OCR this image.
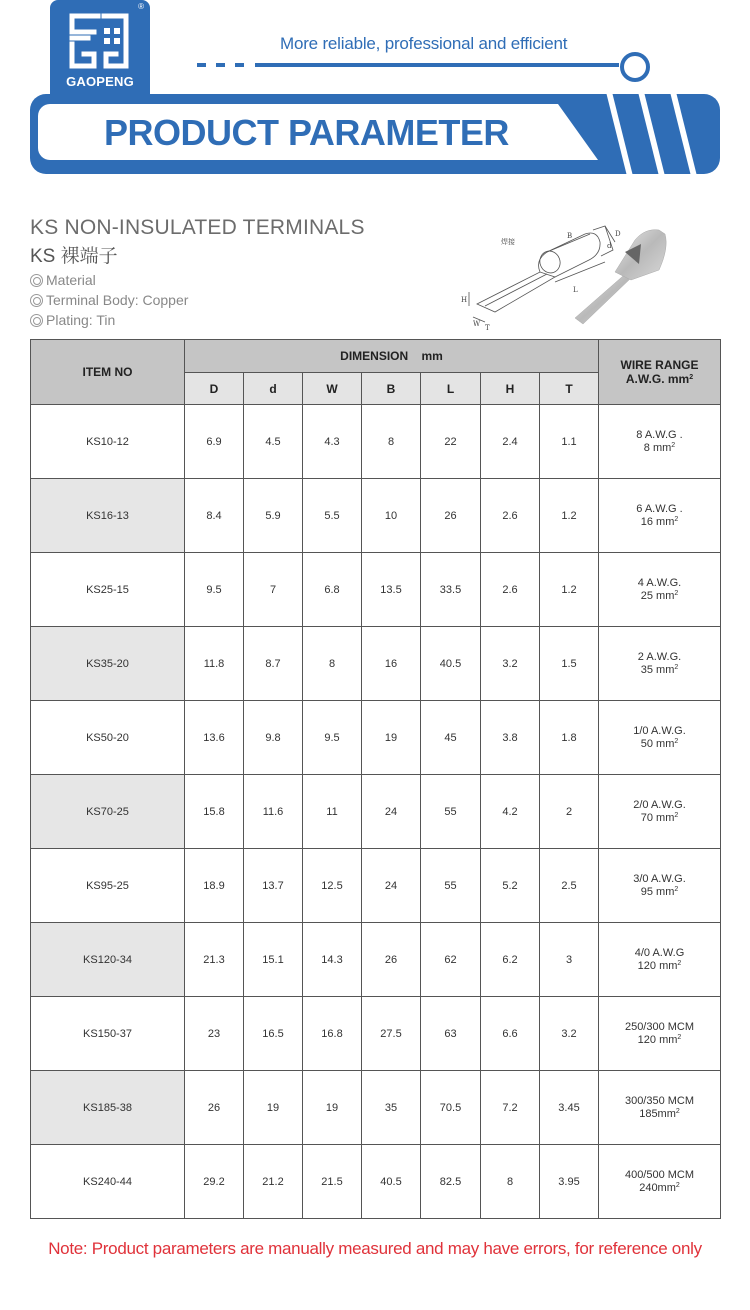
®
GAOPENG
More reliable, professional and efficient
PRODUCT PARAMETER
KS NON-INSULATED TERMINALS
KS 裸端子
Material
Terminal Body: Copper
Plating: Tin
焊接
B
d
D
L
H
W T
ITEM NO	DIMENSION    mm							WIRE RANGE
A.W.G. $mm^2$
	D	d	W	B	L	H	T	
KS10-12	6.9	4.5	4.3	8	22	2.4	1.1	8 A.W.G .
8 $mm^2$
KS16-13	8.4	5.9	5.5	10	26	2.6	1.2	6 A.W.G .
16 $mm^2$
KS25-15	9.5	7	6.8	13.5	33.5	2.6	1.2	4 A.W.G.
25 $mm^2$
KS35-20	11.8	8.7	8	16	40.5	3.2	1.5	2 A.W.G.
35 $mm^2$
KS50-20	13.6	9.8	9.5	19	45	3.8	1.8	1/0 A.W.G.
50 $mm^2$
KS70-25	15.8	11.6	11	24	55	4.2	2	2/0 A.W.G.
70 $mm^2$
KS95-25	18.9	13.7	12.5	24	55	5.2	2.5	3/0 A.W.G.
95 $mm^2$
KS120-34	21.3	15.1	14.3	26	62	6.2	3	4/0 A.W.G
120 $mm^2$
KS150-37	23	16.5	16.8	27.5	63	6.6	3.2	250/300 MCM
120 $mm^2$
KS185-38	26	19	19	35	70.5	7.2	3.45	300/350 MCM
$185mm^2$
KS240-44	29.2	21.2	21.5	40.5	82.5	8	3.95	400/500 MCM
$240mm^2$
Note: Product parameters are manually measured and may have errors, for reference only
